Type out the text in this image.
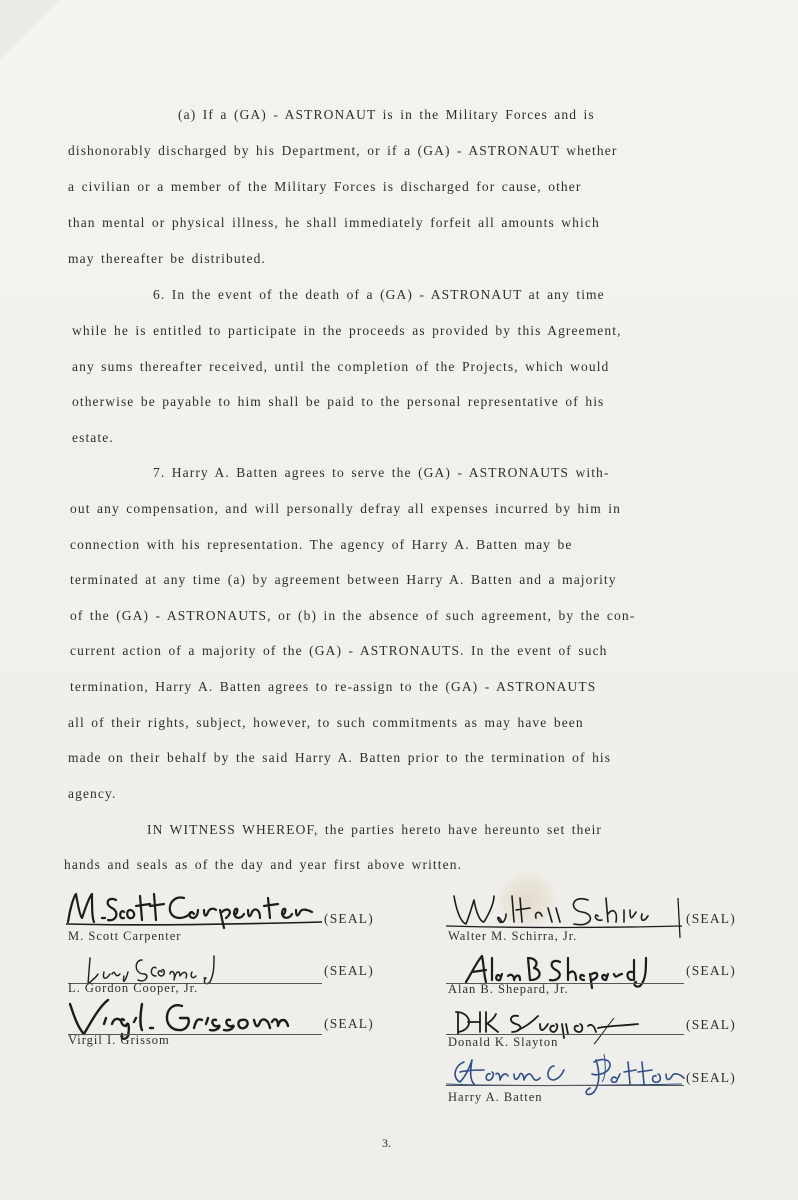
(a) If a (GA) - ASTRONAUT is in the Military Forces and is
dishonorably discharged by his Department, or if a (GA) - ASTRONAUT whether
a civilian or a member of the Military Forces is discharged for cause, other
than mental or physical illness, he shall immediately forfeit all amounts which
may thereafter be distributed.
6. In the event of the death of a (GA) - ASTRONAUT at any time
while he is entitled to participate in the proceeds as provided by this Agreement,
any sums thereafter received, until the completion of the Projects, which would
otherwise be payable to him shall be paid to the personal representative of his
estate.
7. Harry A. Batten agrees to serve the (GA) - ASTRONAUTS with-
out any compensation, and will personally defray all expenses incurred by him in
connection with his representation. The agency of Harry A. Batten may be
terminated at any time (a) by agreement between Harry A. Batten and a majority
of the (GA) - ASTRONAUTS, or (b) in the absence of such agreement, by the con-
current action of a majority of the (GA) - ASTRONAUTS. In the event of such
termination, Harry A. Batten agrees to re-assign to the (GA) - ASTRONAUTS
all of their rights, subject, however, to such commitments as may have been
made on their behalf by the said Harry A. Batten prior to the termination of his
agency.
IN WITNESS WHEREOF, the parties hereto have hereunto set their
hands and seals as of the day and year first above written.
(SEAL)
M. Scott Carpenter
(SEAL)
L. Gordon Cooper, Jr.
(SEAL)
Virgil I. Grissom
(SEAL)
Walter M. Schirra, Jr.
(SEAL)
Alan B. Shepard, Jr.
(SEAL)
Donald K. Slayton
(SEAL)
Harry A. Batten
3.
